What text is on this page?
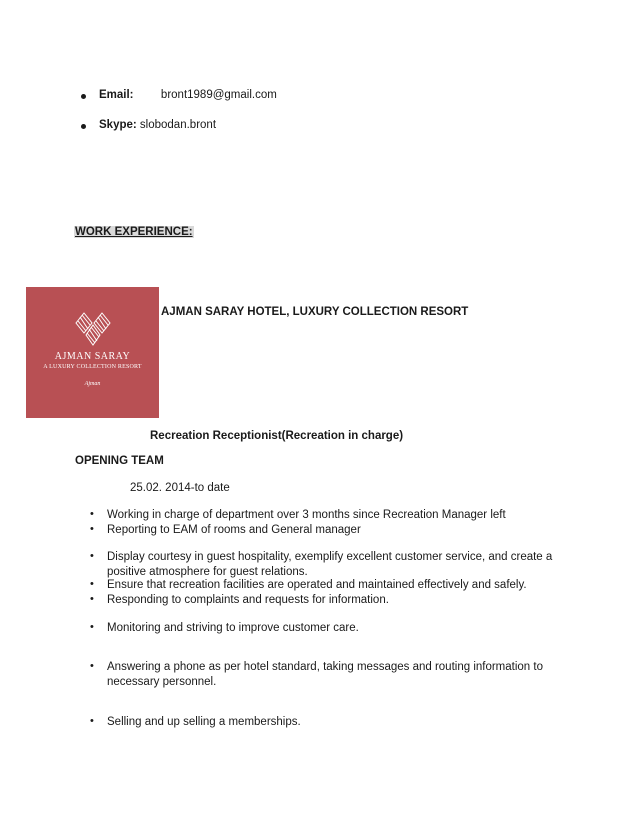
Email: bront1989@gmail.com
Skype: slobodan.bront
WORK EXPERIENCE:
AJMAN SARAY
A LUXURY COLLECTION RESORT
Ajman
AJMAN SARAY HOTEL, LUXURY COLLECTION RESORT
Recreation Receptionist(Recreation in charge)
OPENING TEAM
25.02. 2014-to date
• Working in charge of department over 3 months since Recreation Manager left
• Reporting to EAM of rooms and General manager
• Display courtesy in guest hospitality, exemplify excellent customer service, and create a positive atmosphere for guest relations.
• Ensure that recreation facilities are operated and maintained effectively and safely.
• Responding to complaints and requests for information.
• Monitoring and striving to improve customer care.
• Answering a phone as per hotel standard, taking messages and routing information to necessary personnel.
• Selling and up selling a memberships.
